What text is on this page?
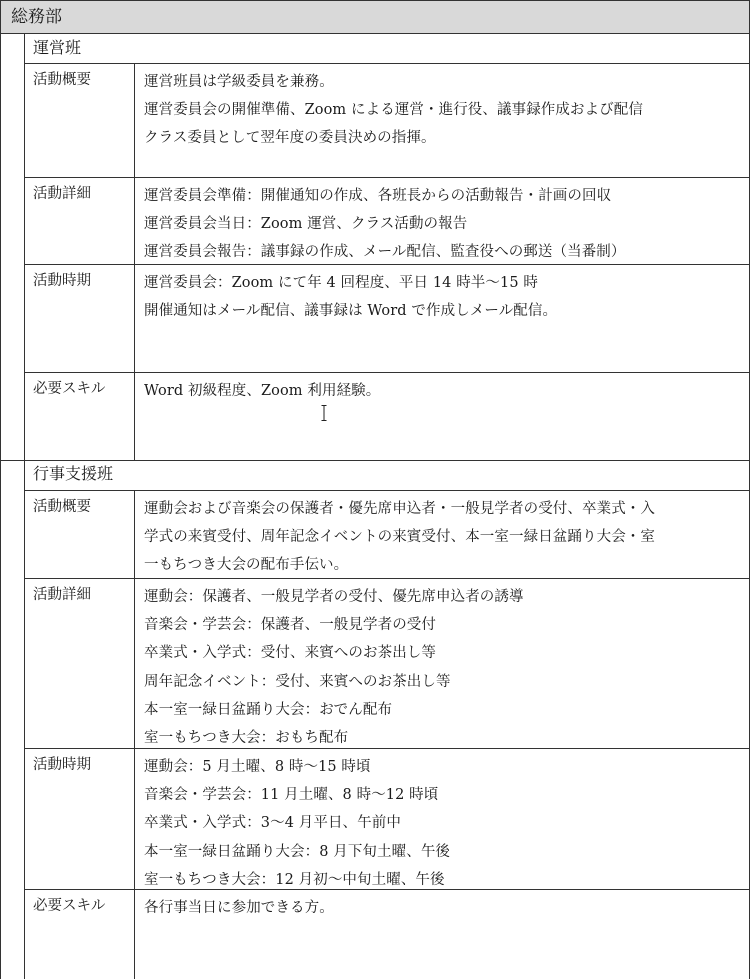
総務部
運営班
活動概要	運営班員は学級委員を兼務。
運営委員会の開催準備、Zoom による運営・進行役、議事録作成および配信
クラス委員として翌年度の委員決めの指揮。
活動詳細	運営委員会準備：開催通知の作成、各班長からの活動報告・計画の回収
運営委員会当日：Zoom 運営、クラス活動の報告
運営委員会報告：議事録の作成、メール配信、監査役への郵送（当番制）
活動時期	運営委員会：Zoom にて年 4 回程度、平日 14 時半～15 時
開催通知はメール配信、議事録は Word で作成しメール配信。
必要スキル	Word 初級程度、Zoom 利用経験。
行事支援班
活動概要	運動会および音楽会の保護者・優先席申込者・一般見学者の受付、卒業式・入
学式の来賓受付、周年記念イベントの来賓受付、本一室一緑日盆踊り大会・室
一もちつき大会の配布手伝い。
活動詳細	運動会：保護者、一般見学者の受付、優先席申込者の誘導
音楽会・学芸会：保護者、一般見学者の受付
卒業式・入学式：受付、来賓へのお茶出し等
周年記念イベント：受付、来賓へのお茶出し等
本一室一緑日盆踊り大会：おでん配布
室一もちつき大会：おもち配布
活動時期	運動会：5 月土曜、8 時～15 時頃
音楽会・学芸会：11 月土曜、8 時～12 時頃
卒業式・入学式：3～4 月平日、午前中
本一室一緑日盆踊り大会：8 月下旬土曜、午後
室一もちつき大会：12 月初～中旬土曜、午後
必要スキル	各行事当日に参加できる方。
